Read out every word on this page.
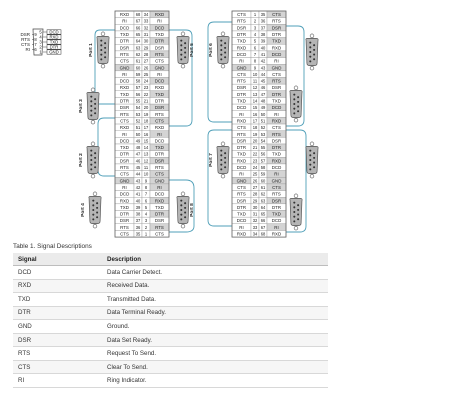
RXD 68 34 RXD
RI 67 33 RI
DCD 66 32 DCD
TXD 65 31 TXD
DTR 64 30 DTR
DSR 63 29 DSR
RTS 62 28 RTS
CTS 61 27 CTS
GND 60 26 GND
RI 59 25 RI
DCD 58 24 DCD
RXD 57 23 RXD
TXD 56 22 TXD
DTR 55 21 DTR
DSR 54 20 DSR
RTS 53 19 RTS
CTS 52 18 CTS
RXD 51 17 RXD
RI 50 16 RI
DCD 49 15 DCD
TXD 48 14 TXD
DTR 47 13 DTR
DSR 46 12 DSR
RTS 45 11 RTS
CTS 44 10 CTS
GND 43 9 GND
RI 42 8 RI
DCD 41 7 DCD
RXD 40 6 RXD
TXD 39 5 TXD
DTR 38 4 DTR
DSR 37 3 DSR
RTS 36 2 RTS
CTS 35 1 CTS
CTS 1 35 CTS
RTS 2 36 RTS
DSR 3 37 DSR
DTR 4 38 DTR
TXD 5 39 TXD
RXD 6 40 RXD
DCD 7 41 DCD
RI 8 42 RI
GND 9 43 GND
CTS 10 44 CTS
RTS 11 45 RTS
DSR 12 46 DSR
DTR 13 47 DTR
TXD 14 48 TXD
DCD 15 49 DCD
RI 16 50 RI
RXD 17 51 RXD
CTS 18 52 CTS
RTS 19 53 RTS
DSR 20 54 DSR
DTR 21 55 DTR
TXD 22 56 TXD
RXD 23 57 RXD
DCD 24 58 DCD
RI 25 59 RI
GND 26 60 GND
CTS 27 61 CTS
RTS 28 62 RTS
DSR 29 63 DSR
DTR 30 64 DTR
TXD 31 65 TXD
DCD 32 66 DCD
RI 33 67 RI
RXD 34 68 RXD
5
4
3
2
1
9
8
7
6
DSR
RTS
CTS
RI
DCD
RXD
TXD
DTR
GND	Port 1
Port 3
Port 2
Port 4
Port 5	Port 6
Port 7
Port 8
Table 1. Signal Descriptions
Signal	Description
DCD	Data Carrier Detect.
RXD	Received Data.
TXD	Transmitted Data.
DTR	Data Terminal Ready.
GND	Ground.
DSR	Data Set Ready.
RTS	Request To Send.
CTS	Clear To Send.
RI	Ring Indicator.
